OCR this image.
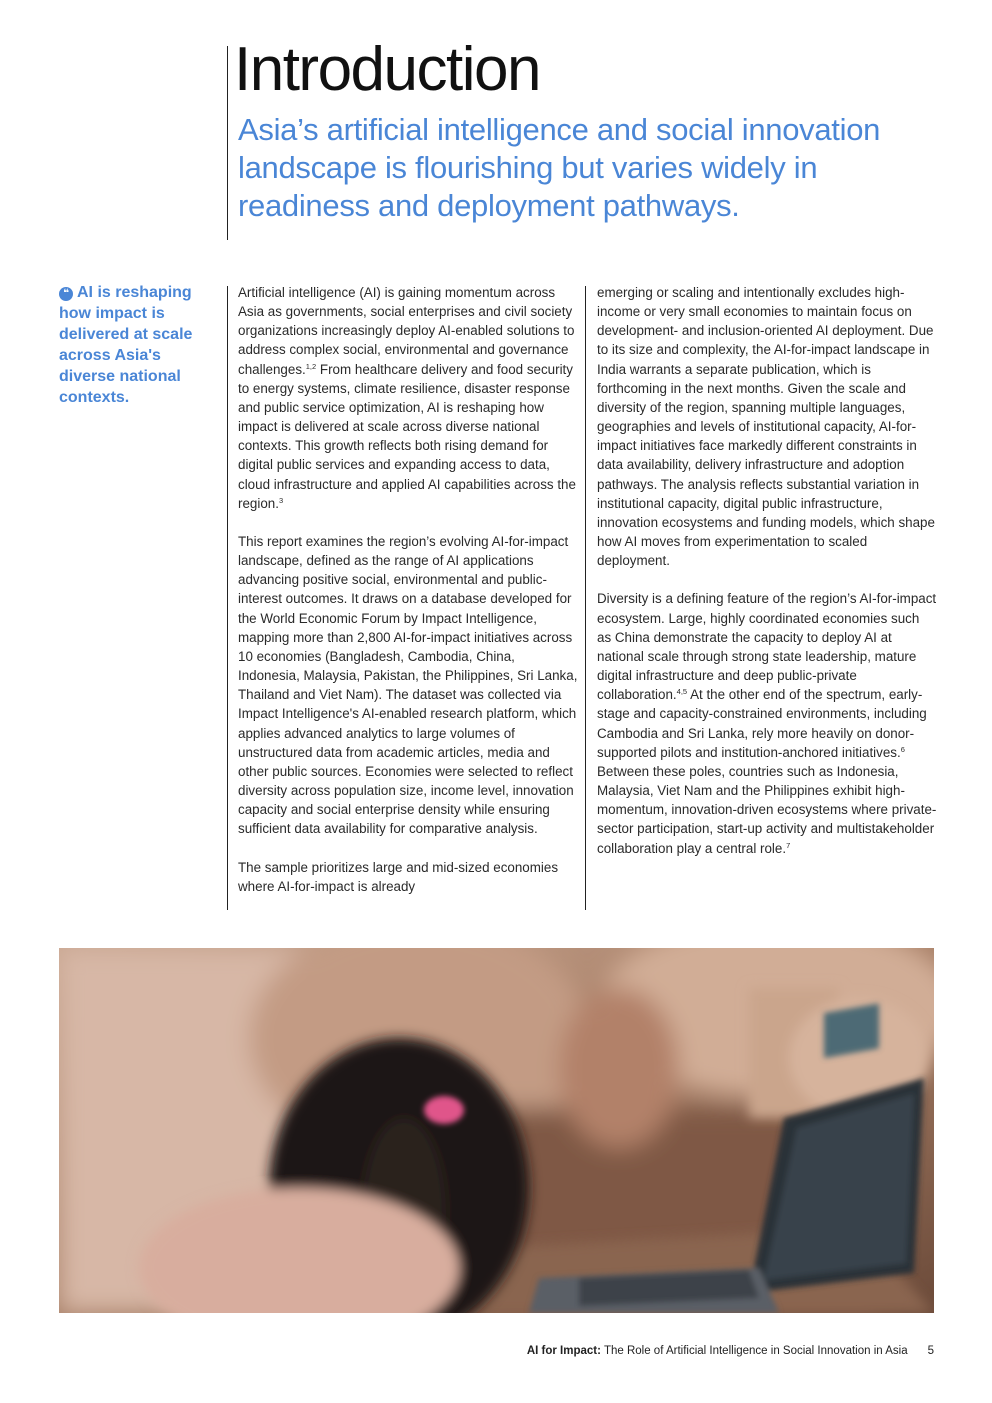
Introduction

Asia’s artificial intelligence and social innovation landscape is flourishing but varies widely in readiness and deployment pathways.

❝ AI is reshaping how impact is delivered at scale across Asia's diverse national contexts.

Artificial intelligence (AI) is gaining momentum across Asia as governments, social enterprises and civil society organizations increasingly deploy AI-enabled solutions to address complex social, environmental and governance challenges.$^{1,2}$ From healthcare delivery and food security to energy systems, climate resilience, disaster response and public service optimization, AI is reshaping how impact is delivered at scale across diverse national contexts. This growth reflects both rising demand for digital public services and expanding access to data, cloud infrastructure and applied AI capabilities across the region.$^3$

This report examines the region’s evolving AI-for-impact landscape, defined as the range of AI applications advancing positive social, environmental and public-interest outcomes. It draws on a database developed for the World Economic Forum by Impact Intelligence, mapping more than 2,800 AI-for-impact initiatives across 10 economies (Bangladesh, Cambodia, China, Indonesia, Malaysia, Pakistan, the Philippines, Sri Lanka, Thailand and Viet Nam). The dataset was collected via Impact Intelligence's AI-enabled research platform, which applies advanced analytics to large volumes of unstructured data from academic articles, media and other public sources. Economies were selected to reflect diversity across population size, income level, innovation capacity and social enterprise density while ensuring sufficient data availability for comparative analysis.

The sample prioritizes large and mid-sized economies where AI-for-impact is already

emerging or scaling and intentionally excludes high-income or very small economies to maintain focus on development- and inclusion-oriented AI deployment. Due to its size and complexity, the AI-for-impact landscape in India warrants a separate publication, which is forthcoming in the next months. Given the scale and diversity of the region, spanning multiple languages, geographies and levels of institutional capacity, AI-for-impact initiatives face markedly different constraints in data availability, delivery infrastructure and adoption pathways. The analysis reflects substantial variation in institutional capacity, digital public infrastructure, innovation ecosystems and funding models, which shape how AI moves from experimentation to scaled deployment.

Diversity is a defining feature of the region’s AI-for-impact ecosystem. Large, highly coordinated economies such as China demonstrate the capacity to deploy AI at national scale through strong state leadership, mature digital infrastructure and deep public-private collaboration.$^{4,5}$ At the other end of the spectrum, early-stage and capacity-constrained environments, including Cambodia and Sri Lanka, rely more heavily on donor-supported pilots and institution-anchored initiatives.$^6$ Between these poles, countries such as Indonesia, Malaysia, Viet Nam and the Philippines exhibit high-momentum, innovation-driven ecosystems where private-sector participation, start-up activity and multistakeholder collaboration play a central role.$^7$

AI for Impact: The Role of Artificial Intelligence in Social Innovation in Asia 5
